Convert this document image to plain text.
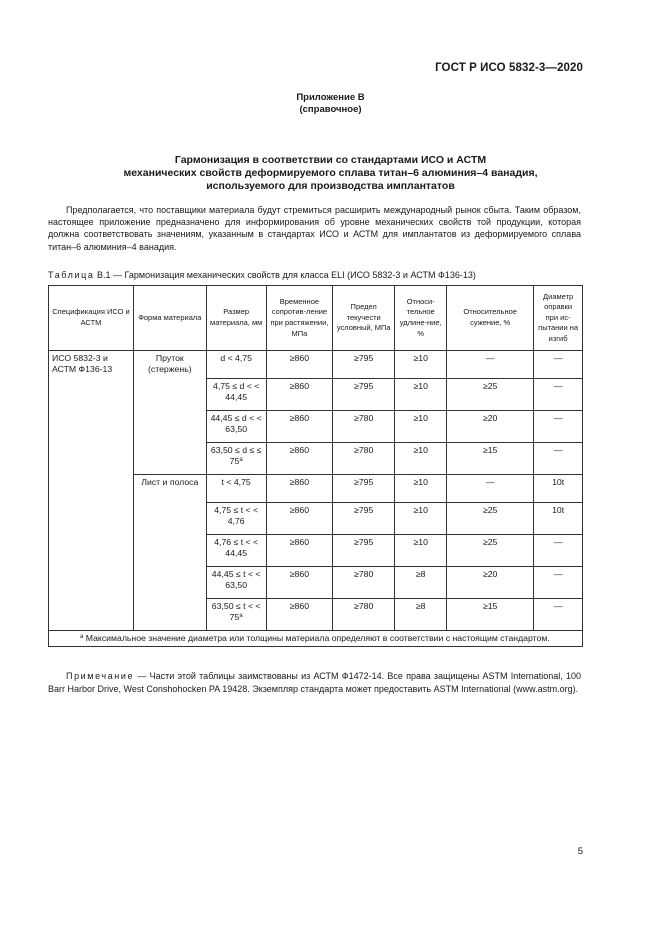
ГОСТ Р ИСО 5832-3—2020
Приложение В
(справочное)
Гармонизация в соответствии со стандартами ИСО и АСТМ
механических свойств деформируемого сплава титан–6 алюминия–4 ванадия,
используемого для производства имплантатов
Предполагается, что поставщики материала будут стремиться расширить международный рынок сбыта. Таким образом, настоящее приложение предназначено для информирования об уровне механических свойств той продукции, которая должна соответствовать значениям, указанным в стандартах ИСО и АСТМ для имплантатов из деформируемого сплава титан–6 алюминия–4 ванадия.
Таблица В.1 — Гармонизация механических свойств для класса ELI (ИСО 5832-3 и АСТМ Ф136-13)
Спецификация ИСО и АСТМ	Форма материала	Размер материала, мм	Временное сопротив-ление при растяжении, МПа	Предел текучести условный, МПа	Относи-тельное удлине-ние, %	Относительное сужение, %	Диаметр оправки при ис-пытании на изгиб
ИСО 5832-3 и АСТМ Ф136-13	Пруток (стержень)	d < 4,75	≥860	≥795	≥10	—	—
		4,75 ≤ d < < 44,45	≥860	≥795	≥10	≥25	—
		44,45 ≤ d < < 63,50	≥860	≥780	≥10	≥20	—
		63,50 ≤ d ≤ ≤ $75^a$	≥860	≥780	≥10	≥15	—
	Лист и полоса	t < 4,75	≥860	≥795	≥10	—	10t
		4,75 ≤ t < < 4,76	≥860	≥795	≥10	≥25	10t
		4,76 ≤ t < < 44,45	≥860	≥795	≥10	≥25	—
		44,45 ≤ t < < 63,50	≥860	≥780	≥8	≥20	—
		63,50 ≤ t < < $75^a$	≥860	≥780	≥8	≥15	—
$^a$ Максимальное значение диаметра или толщины материала определяют в соответствии с настоящим стандартом.							
Примечание — Части этой таблицы заимствованы из АСТМ Ф1472-14. Все права защищены ASTM International, 100 Barr Harbor Drive, West Conshohocken PA 19428. Экземпляр стандарта может предоставить ASTM International (www.astm.org).
5
